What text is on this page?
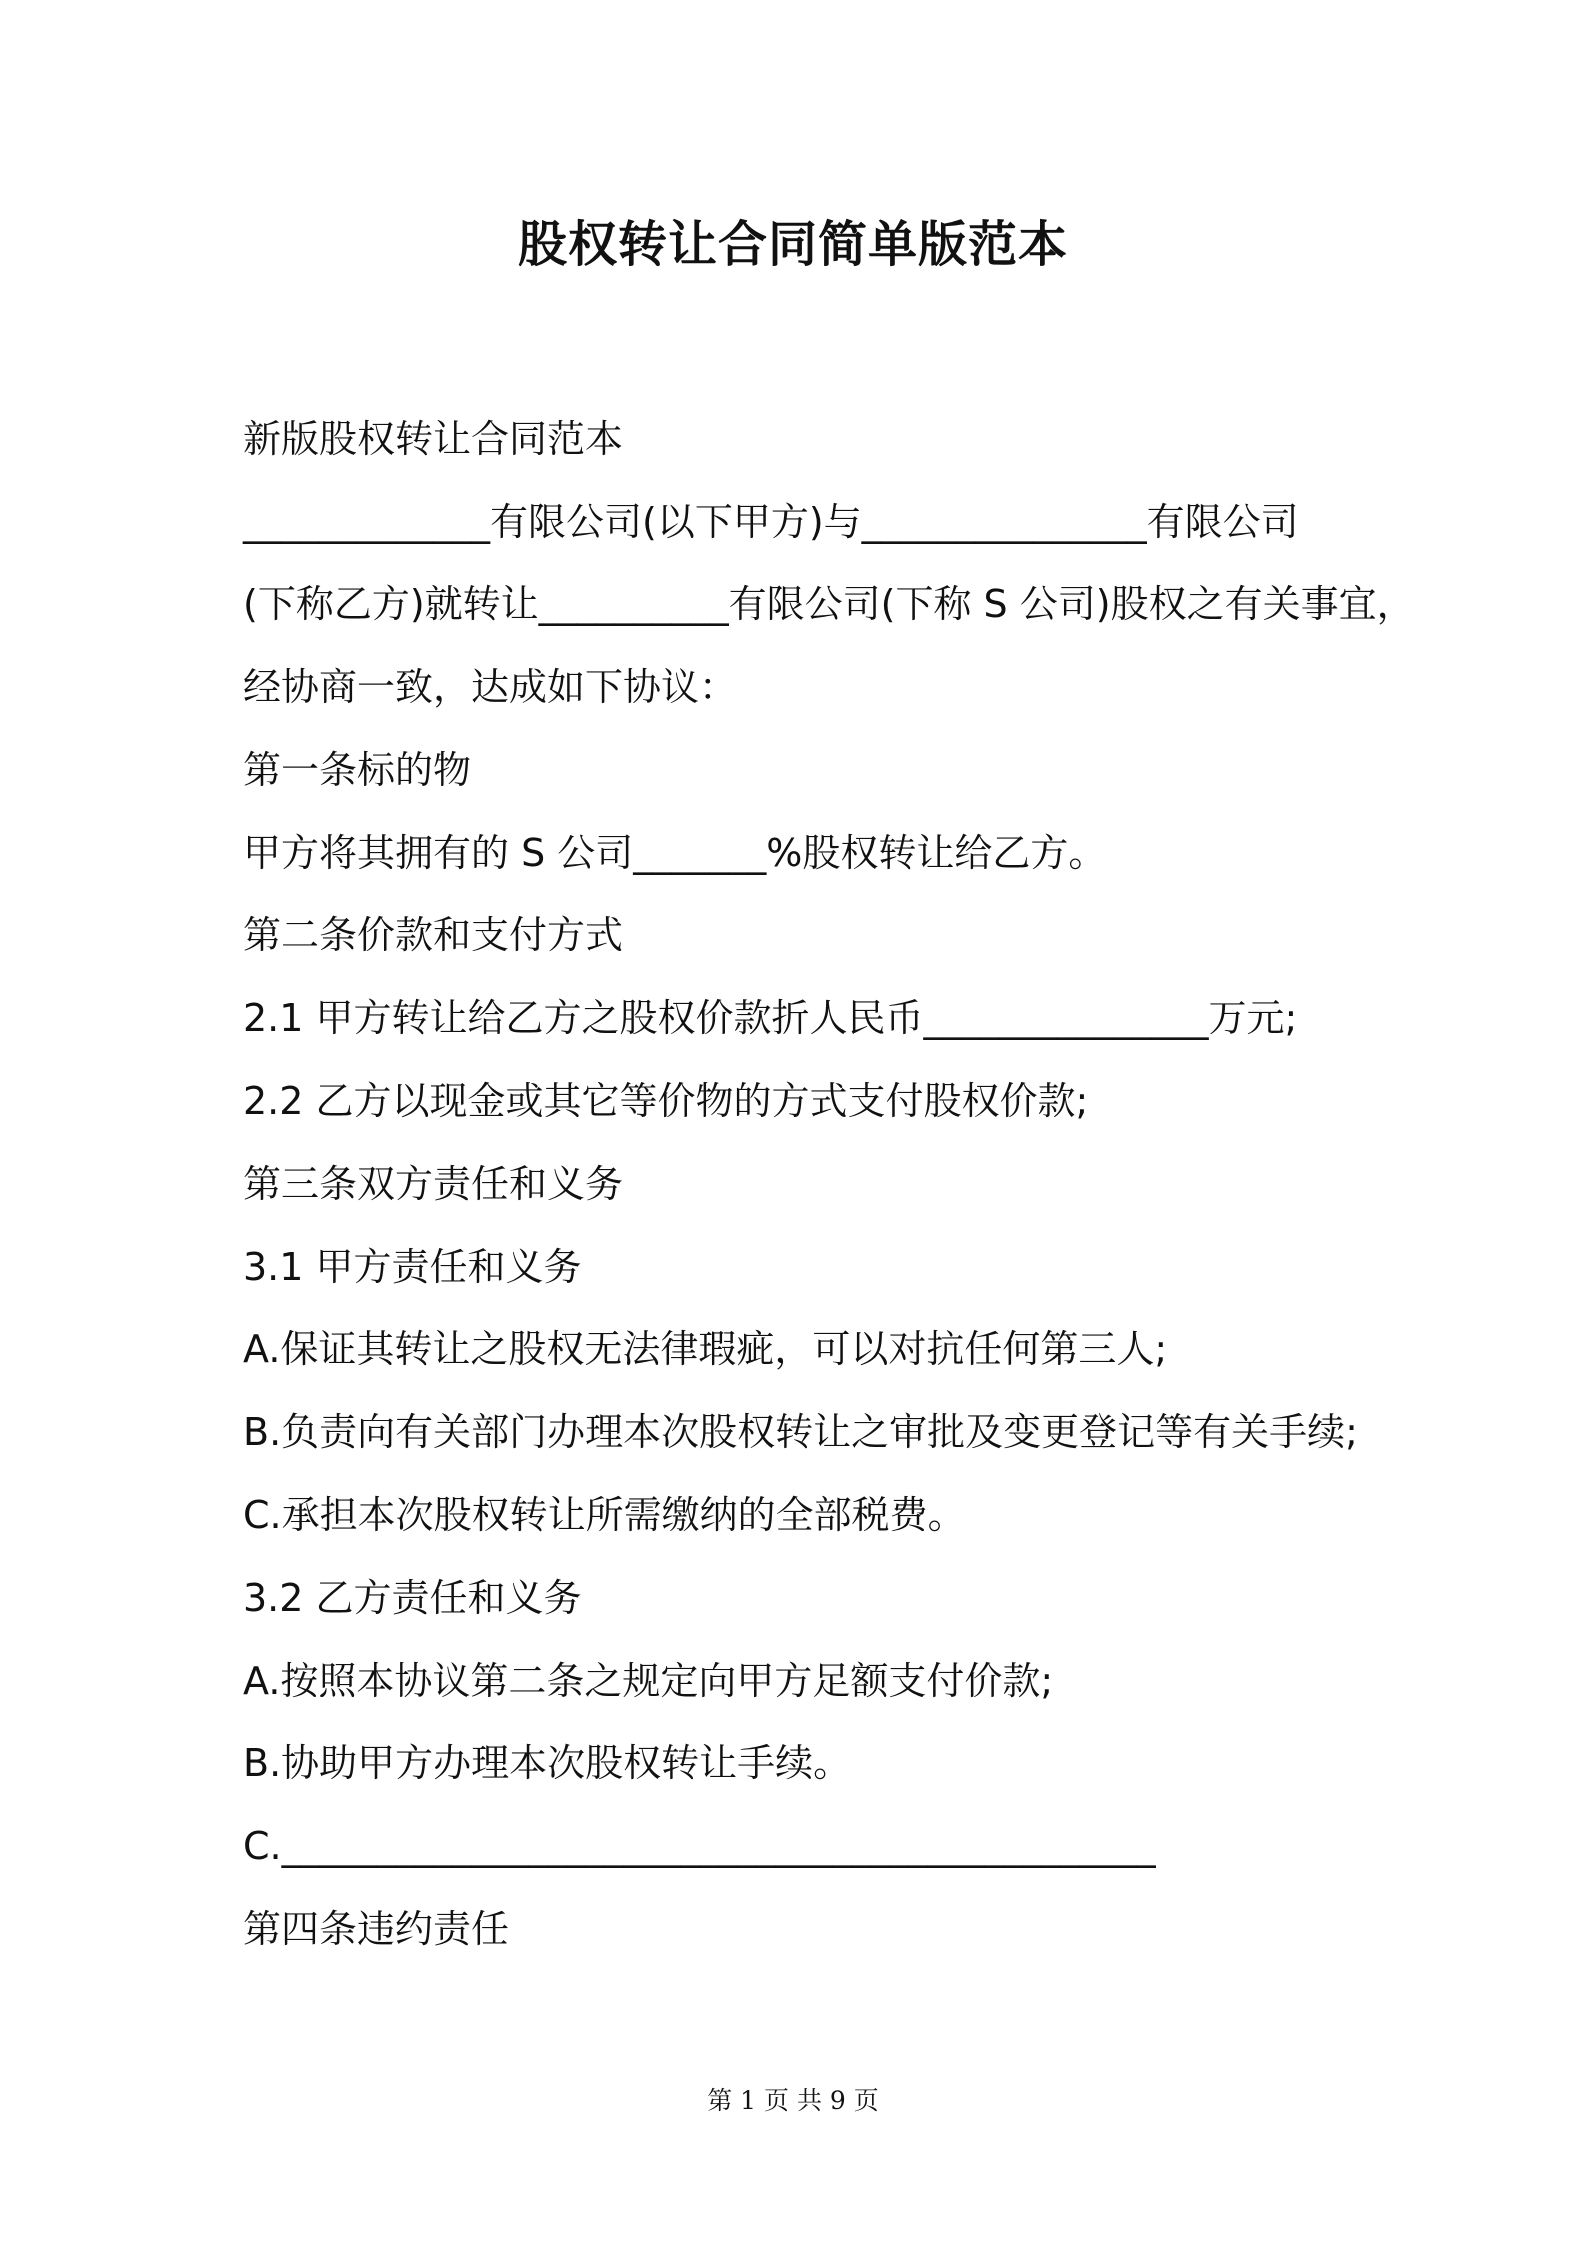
股权转让合同简单版范本
新版股权转让合同范本
_____________有限公司(以下甲方)与_______________有限公司
(下称乙方)就转让__________有限公司(下称 S 公司)股权之有关事宜，
经协商一致，达成如下协议：
第一条标的物
甲方将其拥有的 S 公司_______%股权转让给乙方。
第二条价款和支付方式
2.1 甲方转让给乙方之股权价款折人民币_______________万元;
2.2 乙方以现金或其它等价物的方式支付股权价款;
第三条双方责任和义务
3.1 甲方责任和义务
A.保证其转让之股权无法律瑕疵，可以对抗任何第三人;
B.负责向有关部门办理本次股权转让之审批及变更登记等有关手续;
C.承担本次股权转让所需缴纳的全部税费。
3.2 乙方责任和义务
A.按照本协议第二条之规定向甲方足额支付价款;
B.协助甲方办理本次股权转让手续。
C.______________________________________________
第四条违约责任
第 1 页 共 9 页
